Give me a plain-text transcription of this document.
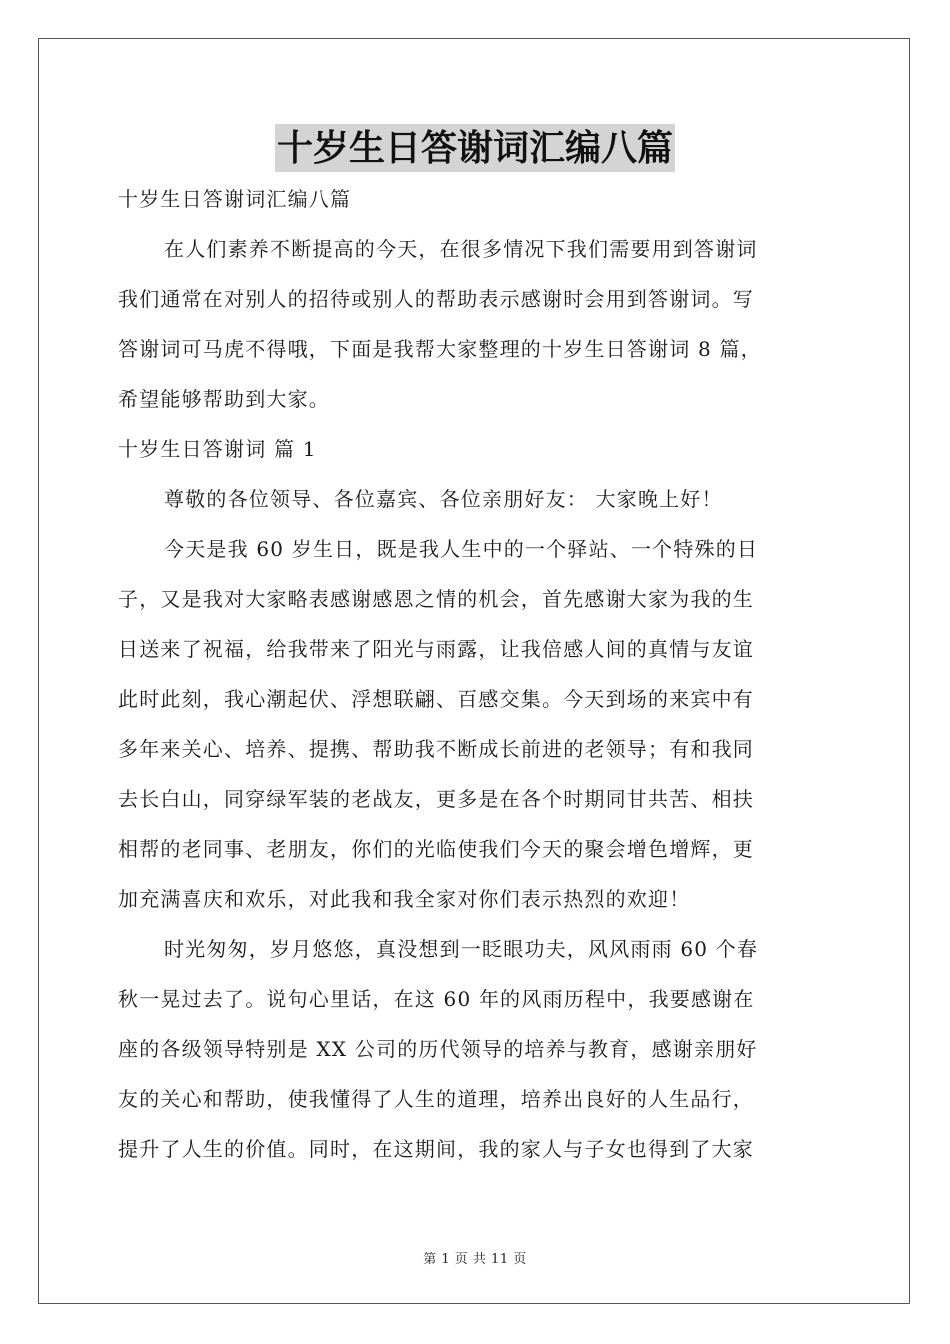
十岁生日答谢词汇编八篇

十岁生日答谢词汇编八篇

在人们素养不断提高的今天，在很多情况下我们需要用到答谢词

我们通常在对别人的招待或别人的帮助表示感谢时会用到答谢词。写

答谢词可马虎不得哦，下面是我帮大家整理的十岁生日答谢词 8 篇，

希望能够帮助到大家。

十岁生日答谢词 篇 1

尊敬的各位领导、各位嘉宾、各位亲朋好友： 大家晚上好！

今天是我 60 岁生日，既是我人生中的一个驿站、一个特殊的日

子，又是我对大家略表感谢感恩之情的机会，首先感谢大家为我的生

日送来了祝福，给我带来了阳光与雨露，让我倍感人间的真情与友谊

此时此刻，我心潮起伏、浮想联翩、百感交集。今天到场的来宾中有

多年来关心、培养、提携、帮助我不断成长前进的老领导；有和我同

去长白山，同穿绿军装的老战友，更多是在各个时期同甘共苦、相扶

相帮的老同事、老朋友，你们的光临使我们今天的聚会增色增辉，更

加充满喜庆和欢乐，对此我和我全家对你们表示热烈的欢迎！

时光匆匆，岁月悠悠，真没想到一眨眼功夫，风风雨雨 60 个春

秋一晃过去了。说句心里话，在这 60 年的风雨历程中，我要感谢在

座的各级领导特别是 XX 公司的历代领导的培养与教育，感谢亲朋好

友的关心和帮助，使我懂得了人生的道理，培养出良好的人生品行，

提升了人生的价值。同时，在这期间，我的家人与子女也得到了大家

第 1 页 共 11 页
